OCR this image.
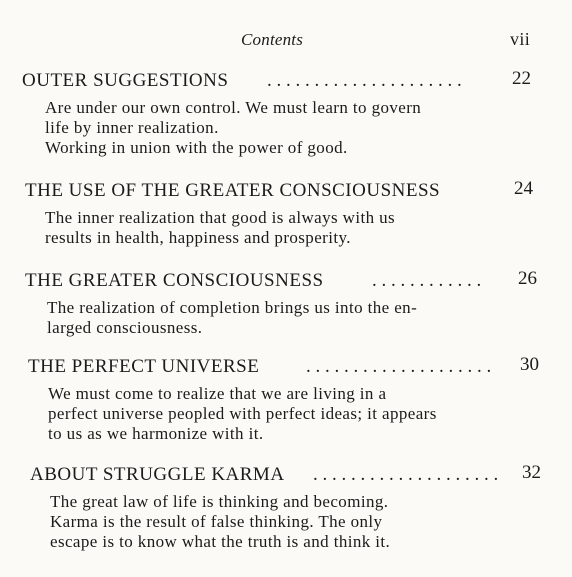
Contents	vii
OUTER SUGGESTIONS . . . . . . . . . . . . . . . . . . . . .	22
Are under our own control. We must learn to govern
life by inner realization.
Working in union with the power of good.
THE USE OF THE GREATER CONSCIOUSNESS	24
The inner realization that good is always with us
results in health, happiness and prosperity.
THE GREATER CONSCIOUSNESS	. . . . . . . . . . . . 26
The realization of completion brings us into the en-
larged consciousness.
THE PERFECT UNIVERSE . . . . . . . . . . . . . . . . . . . . 30
We must come to realize that we are living in a
perfect universe peopled with perfect ideas; it appears
to us as we harmonize with it.
ABOUT STRUGGLE KARMA . . . . . . . . . . . . . . . . . . . . 32
The great law of life is thinking and becoming.
Karma is the result of false thinking. The only
escape is to know what the truth is and think it.
